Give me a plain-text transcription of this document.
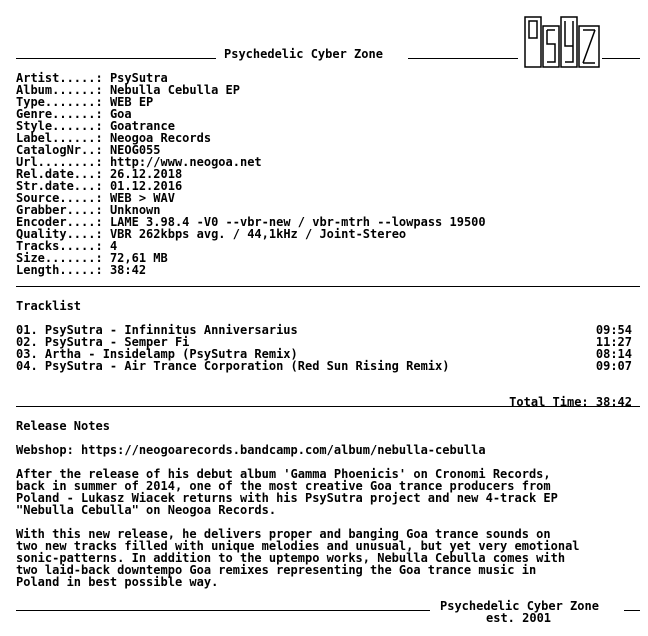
Psychedelic Cyber Zone
Artist.....: PsySutra
Album......: Nebulla Cebulla EP
Type.......: WEB EP
Genre......: Goa
Style......: Goatrance
Label......: Neogoa Records
CatalogNr..: NEOG055
Url........: http://www.neogoa.net
Rel.date...: 26.12.2018
Str.date...: 01.12.2016
Source.....: WEB > WAV
Grabber....: Unknown
Encoder....: LAME 3.98.4 -V0 --vbr-new / vbr-mtrh --lowpass 19500
Quality....: VBR 262kbps avg. / 44,1kHz / Joint-Stereo
Tracks.....: 4
Size.......: 72,61 MB
Length.....: 38:42
Tracklist
01. PsySutra - Infinnitus Anniversarius	09:54
02. PsySutra - Semper Fi	11:27
03. Artha - Insidelamp (PsySutra Remix)	08:14
04. PsySutra - Air Trance Corporation (Red Sun Rising Remix)	09:07

Total Time: 38:42

Release Notes
Webshop: https://neogoarecords.bandcamp.com/album/nebulla-cebulla
After the release of his debut album 'Gamma Phoenicis' on Cronomi Records,
back in summer of 2014, one of the most creative Goa trance producers from
Poland - Lukasz Wiacek returns with his PsySutra project and new 4-track EP
"Nebulla Cebulla" on Neogoa Records.
With this new release, he delivers proper and banging Goa trance sounds on
two new tracks filled with unique melodies and unusual, but yet very emotional
sonic-patterns. In addition to the uptempo works, Nebulla Cebulla comes with
two laid-back downtempo Goa remixes representing the Goa trance music in
Poland in best possible way.
Psychedelic Cyber Zone
est. 2001
